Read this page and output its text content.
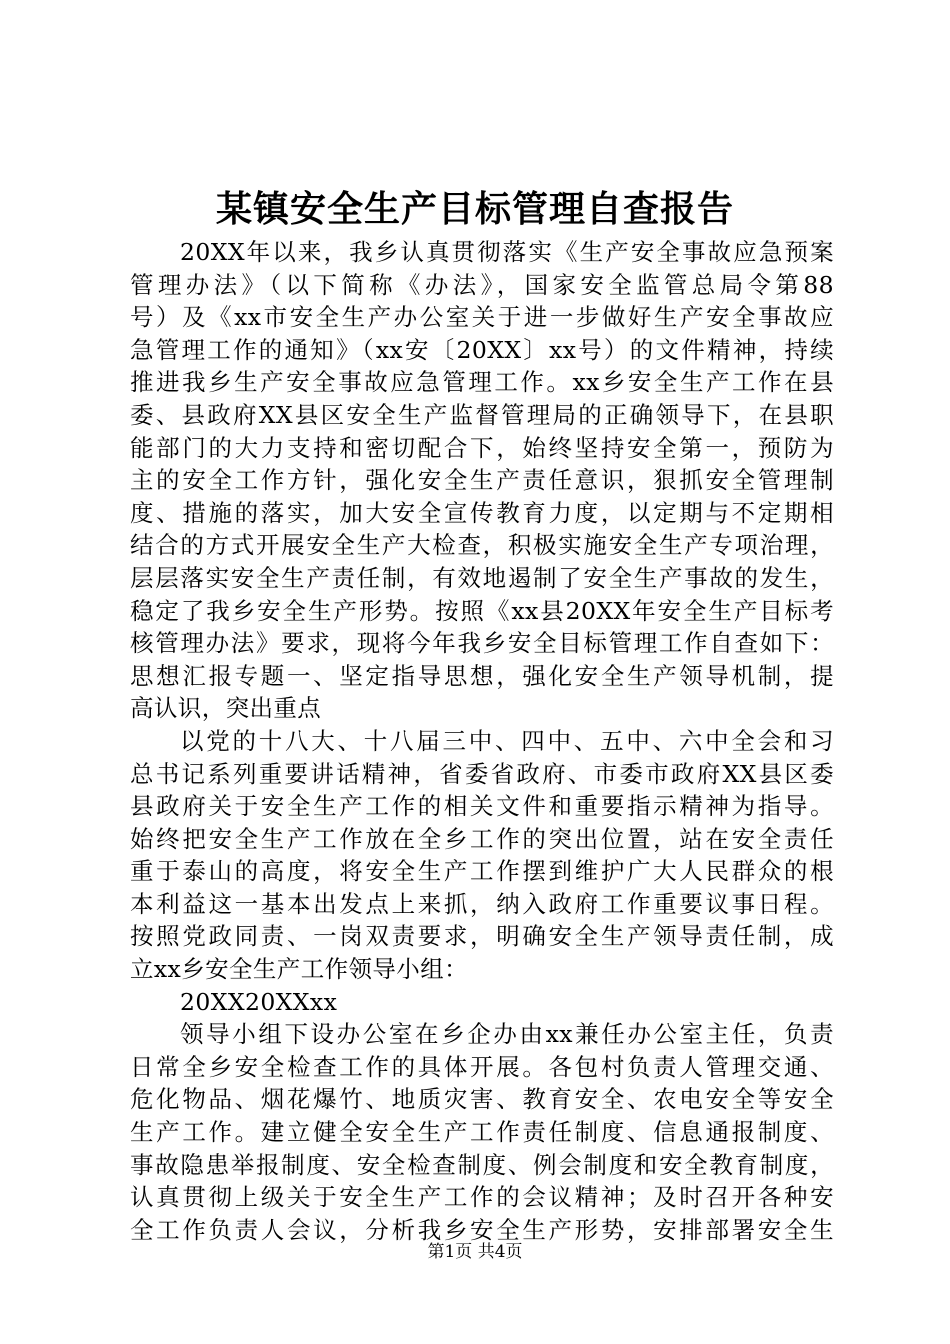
某镇安全生产目标管理自查报告
20XX年以来，我乡认真贯彻落实《生产安全事故应急预案
管理办法》（以下简称《办法》，国家安全监管总局令第88
号）及《xx市安全生产办公室关于进一步做好生产安全事故应
急管理工作的通知》（xx安〔20XX〕xx号）的文件精神，持续
推进我乡生产安全事故应急管理工作。xx乡安全生产工作在县
委、县政府XX县区安全生产监督管理局的正确领导下，在县职
能部门的大力支持和密切配合下，始终坚持安全第一，预防为
主的安全工作方针，强化安全生产责任意识，狠抓安全管理制
度、措施的落实，加大安全宣传教育力度，以定期与不定期相
结合的方式开展安全生产大检查，积极实施安全生产专项治理，
层层落实安全生产责任制，有效地遏制了安全生产事故的发生，
稳定了我乡安全生产形势。按照《xx县20XX年安全生产目标考
核管理办法》要求，现将今年我乡安全目标管理工作自查如下：
思想汇报专题一、坚定指导思想，强化安全生产领导机制，提
高认识，突出重点
以党的十八大、十八届三中、四中、五中、六中全会和习
总书记系列重要讲话精神，省委省政府、市委市政府XX县区委
县政府关于安全生产工作的相关文件和重要指示精神为指导。
始终把安全生产工作放在全乡工作的突出位置，站在安全责任
重于泰山的高度，将安全生产工作摆到维护广大人民群众的根
本利益这一基本出发点上来抓，纳入政府工作重要议事日程。
按照党政同责、一岗双责要求，明确安全生产领导责任制，成
立xx乡安全生产工作领导小组：
20XX20XXxx
领导小组下设办公室在乡企办由xx兼任办公室主任，负责
日常全乡安全检查工作的具体开展。各包村负责人管理交通、
危化物品、烟花爆竹、地质灾害、教育安全、农电安全等安全
生产工作。建立健全安全生产工作责任制度、信息通报制度、
事故隐患举报制度、安全检查制度、例会制度和安全教育制度，
认真贯彻上级关于安全生产工作的会议精神；及时召开各种安
全工作负责人会议，分析我乡安全生产形势，安排部署安全生
第1页 共4页
